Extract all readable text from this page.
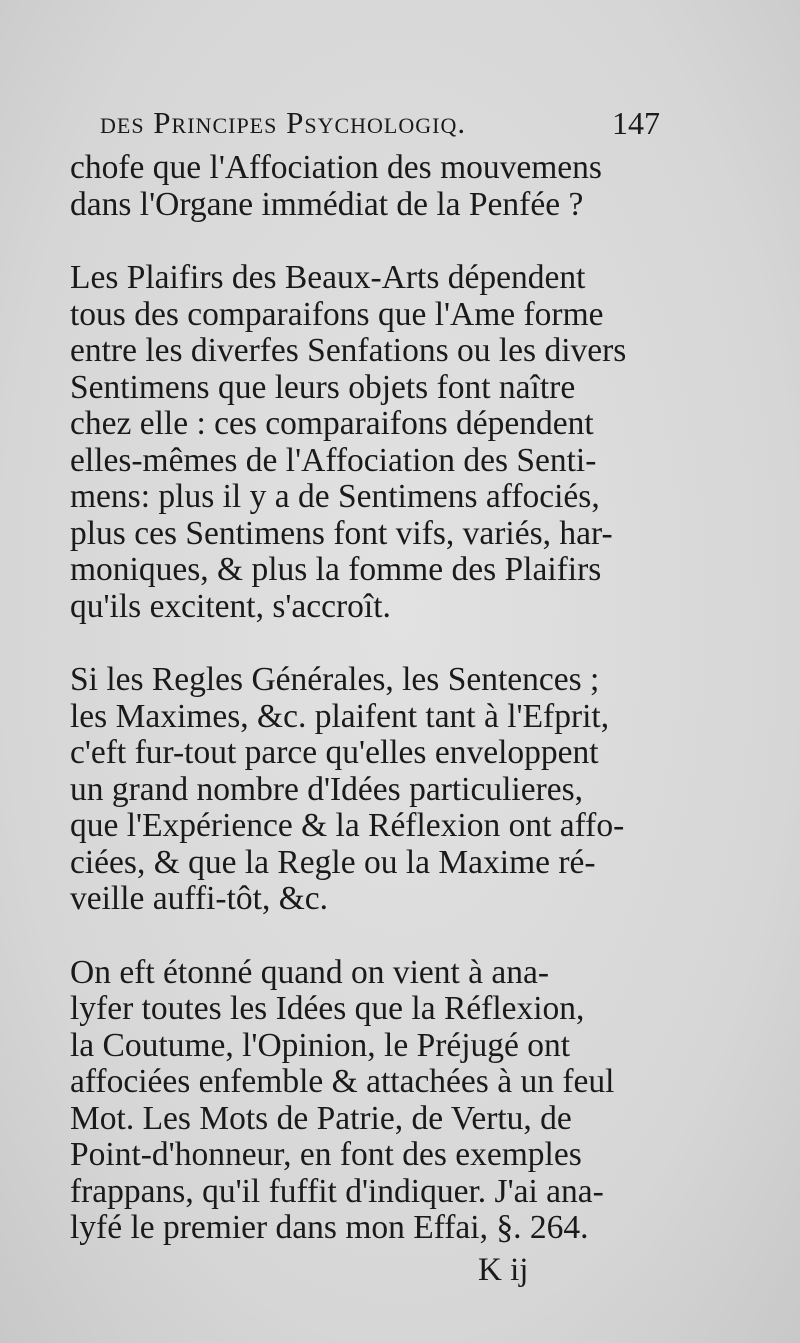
des Principes Psychologiq.	147

chofe que l'Affociation des mouvemens
dans l'Organe immédiat de la Penfée ?

Les Plaifirs des Beaux-Arts dépendent
tous des comparaifons que l'Ame forme
entre les diverfes Senfations ou les divers
Sentimens que leurs objets font naître
chez elle : ces comparaifons dépendent
elles-mêmes de l'Affociation des Senti-
mens: plus il y a de Sentimens affociés,
plus ces Sentimens font vifs, variés, har-
moniques, & plus la fomme des Plaifirs
qu'ils excitent, s'accroît.

Si les Regles Générales, les Sentences ;
les Maximes, &c. plaifent tant à l'Efprit,
c'eft fur-tout parce qu'elles enveloppent
un grand nombre d'Idées particulieres,
que l'Expérience & la Réflexion ont affo-
ciées, & que la Regle ou la Maxime ré-
veille auffi-tôt, &c.

On eft étonné quand on vient à ana-
lyfer toutes les Idées que la Réflexion,
la Coutume, l'Opinion, le Préjugé ont
affociées enfemble & attachées à un feul
Mot. Les Mots de Patrie, de Vertu, de
Point-d'honneur, en font des exemples
frappans, qu'il fuffit d'indiquer. J'ai ana-
lyfé le premier dans mon Effai, §. 264.

K ij
